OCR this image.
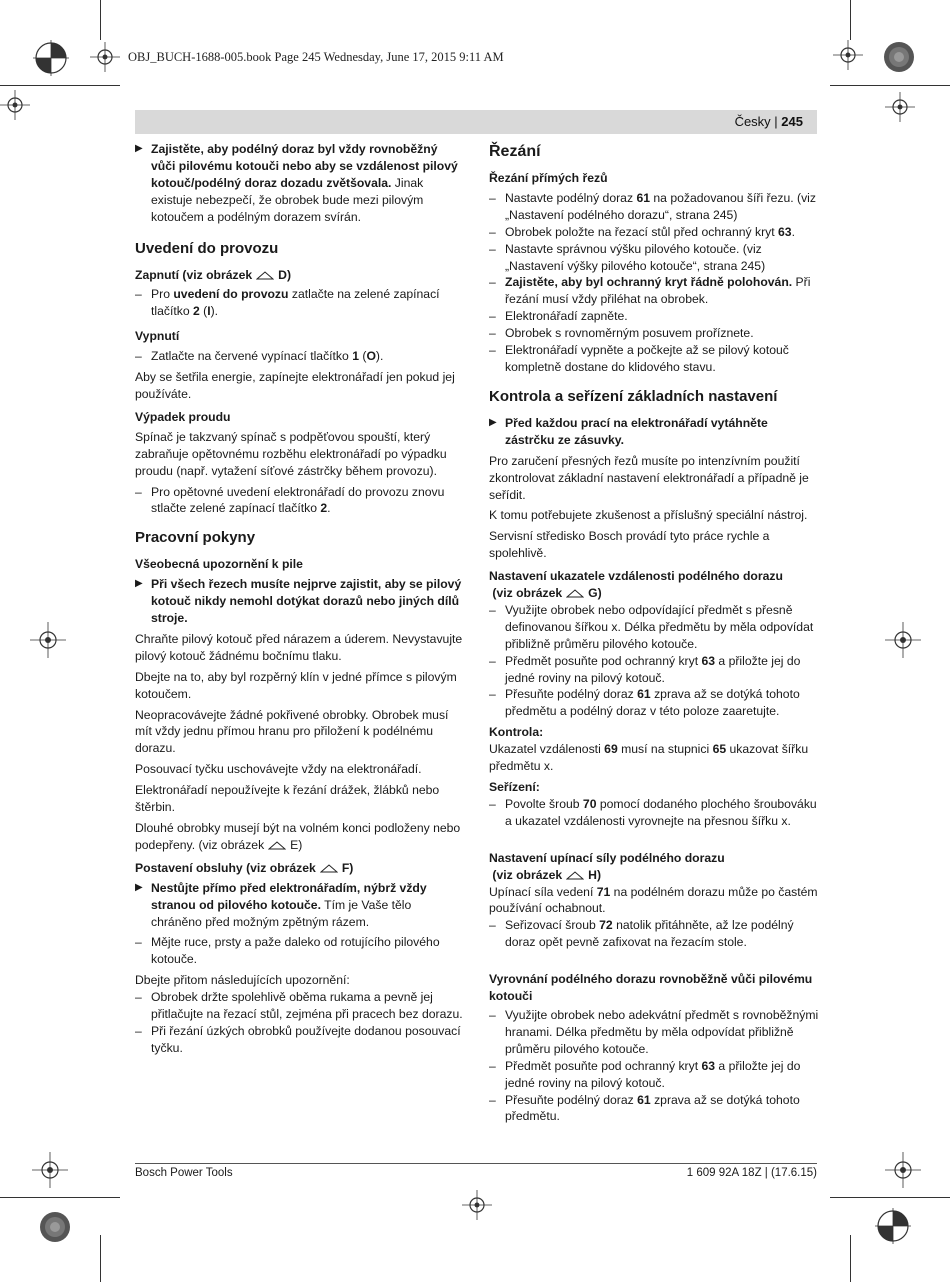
OBJ_BUCH-1688-005.book Page 245 Wednesday, June 17, 2015 9:11 AM
Česky | 245
▶ Zajistěte, aby podélný doraz byl vždy rovnoběžný vůči pilovému kotouči nebo aby se vzdálenost pilový kotouč/podélný doraz dozadu zvětšovala. Jinak existuje nebezpečí, že obrobek bude mezi pilovým kotoučem a podélným dorazem svírán.
Uvedení do provozu
Zapnutí (viz obrázek D)
– Pro uvedení do provozu zatlačte na zelené zapínací tlačítko 2 (I).
Vypnutí
– Zatlačte na červené vypínací tlačítko 1 (O).

Aby se šetřila energie, zapínejte elektronářadí jen pokud jej používáte.

Výpadek proudu

Spínač je takzvaný spínač s podpěťovou spouští, který zabraňuje opětovnému rozběhu elektronářadí po výpadku proudu (např. vytažení síťové zástrčky během provozu).

– Pro opětovné uvedení elektronářadí do provozu znovu stlačte zelené zapínací tlačítko 2.
Pracovní pokyny
Všeobecná upozornění k pile
▶ Při všech řezech musíte nejprve zajistit, aby se pilový kotouč nikdy nemohl dotýkat dorazů nebo jiných dílů stroje.

Chraňte pilový kotouč před nárazem a úderem. Nevystavujte pilový kotouč žádnému bočnímu tlaku.

Dbejte na to, aby byl rozpěrný klín v jedné přímce s pilovým kotoučem.

Neopracovávejte žádné pokřivené obrobky. Obrobek musí mít vždy jednu přímou hranu pro přiložení k podélnému dorazu.

Posouvací tyčku uschovávejte vždy na elektronářadí.

Elektronářadí nepoužívejte k řezání drážek, žlábků nebo štěrbin.

Dlouhé obrobky musejí být na volném konci podloženy nebo podepřeny. (viz obrázek E)

Postavení obsluhy (viz obrázek F)
▶ Nestůjte přímo před elektronářadím, nýbrž vždy stranou od pilového kotouče. Tím je Vaše tělo chráněno před možným zpětným rázem.
– Mějte ruce, prsty a paže daleko od rotujícího pilového kotouče.

Dbejte přitom následujících upozornění:

– Obrobek držte spolehlivě oběma rukama a pevně jej přitlačujte na řezací stůl, zejména při pracech bez dorazu.
– Při řezání úzkých obrobků používejte dodanou posouvací tyčku.
Řezání
Řezání přímých řezů
– Nastavte podélný doraz 61 na požadovanou šíři řezu. (viz „Nastavení podélného dorazu“, strana 245)
– Obrobek položte na řezací stůl před ochranný kryt 63.
– Nastavte správnou výšku pilového kotouče. (viz „Nastavení výšky pilového kotouče“, strana 245)
– Zajistěte, aby byl ochranný kryt řádně polohován. Při řezání musí vždy přiléhat na obrobek.
– Elektronářadí zapněte.
– Obrobek s rovnoměrným posuvem proříznete.
– Elektronářadí vypněte a počkejte až se pilový kotouč kompletně dostane do klidového stavu.
Kontrola a seřízení základních nastavení
▶ Před každou prací na elektronářadí vytáhněte zástrčku ze zásuvky.

Pro zaručení přesných řezů musíte po intenzívním použití zkontrolovat základní nastavení elektronářadí a případně je seřídit.

K tomu potřebujete zkušenost a příslušný speciální nástroj.

Servisní středisko Bosch provádí tyto práce rychle a spolehlivě.

Nastavení ukazatele vzdálenosti podélného dorazu
(viz obrázek G)
– Využijte obrobek nebo odpovídající předmět s přesně definovanou šířkou x. Délka předmětu by měla odpovídat přibližně průměru pilového kotouče.
– Předmět posuňte pod ochranný kryt 63 a přiložte jej do jedné roviny na pilový kotouč.
– Přesuňte podélný doraz 61 zprava až se dotýká tohoto předmětu a podélný doraz v této poloze zaaretujte.
Kontrola:

Ukazatel vzdálenosti 69 musí na stupnici 65 ukazovat šířku předmětu x.

Seřízení:
– Povolte šroub 70 pomocí dodaného plochého šroubováku a ukazatel vzdálenosti vyrovnejte na přesnou šířku x.
Nastavení upínací síly podélného dorazu
(viz obrázek H)

Upínací síla vedení 71 na podélném dorazu může po častém používání ochabnout.

– Seřizovací šroub 72 natolik přitáhněte, až lze podélný doraz opět pevně zafixovat na řezacím stole.
Vyrovnání podélného dorazu rovnoběžně vůči pilovému kotouči
– Využijte obrobek nebo adekvátní předmět s rovnoběžnými hranami. Délka předmětu by měla odpovídat přibližně průměru pilového kotouče.
– Předmět posuňte pod ochranný kryt 63 a přiložte jej do jedné roviny na pilový kotouč.
– Přesuňte podélný doraz 61 zprava až se dotýká tohoto předmětu.
Bosch Power Tools	1 609 92A 18Z | (17.6.15)
